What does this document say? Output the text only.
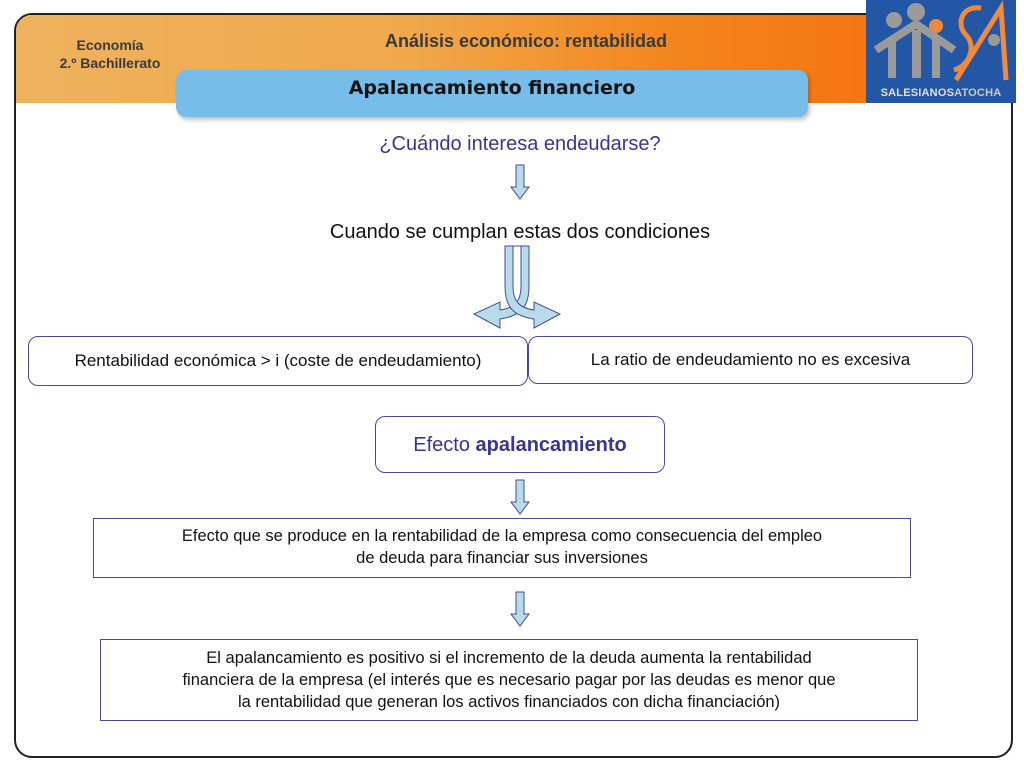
Economía
2.º Bachillerato
Análisis económico: rentabilidad
Apalancamiento financiero	SALESIANOSATOCHA
¿Cuándo interesa endeudarse?
Cuando se cumplan estas dos condiciones
Rentabilidad económica > i (coste de endeudamiento)	La ratio de endeudamiento no es excesiva
Efecto apalancamiento
Efecto que se produce en la rentabilidad de la empresa como consecuencia del empleo
de deuda para financiar sus inversiones
El apalancamiento es positivo si el incremento de la deuda aumenta la rentabilidad
financiera de la empresa (el interés que es necesario pagar por las deudas es menor que
la rentabilidad que generan los activos financiados con dicha financiación)
